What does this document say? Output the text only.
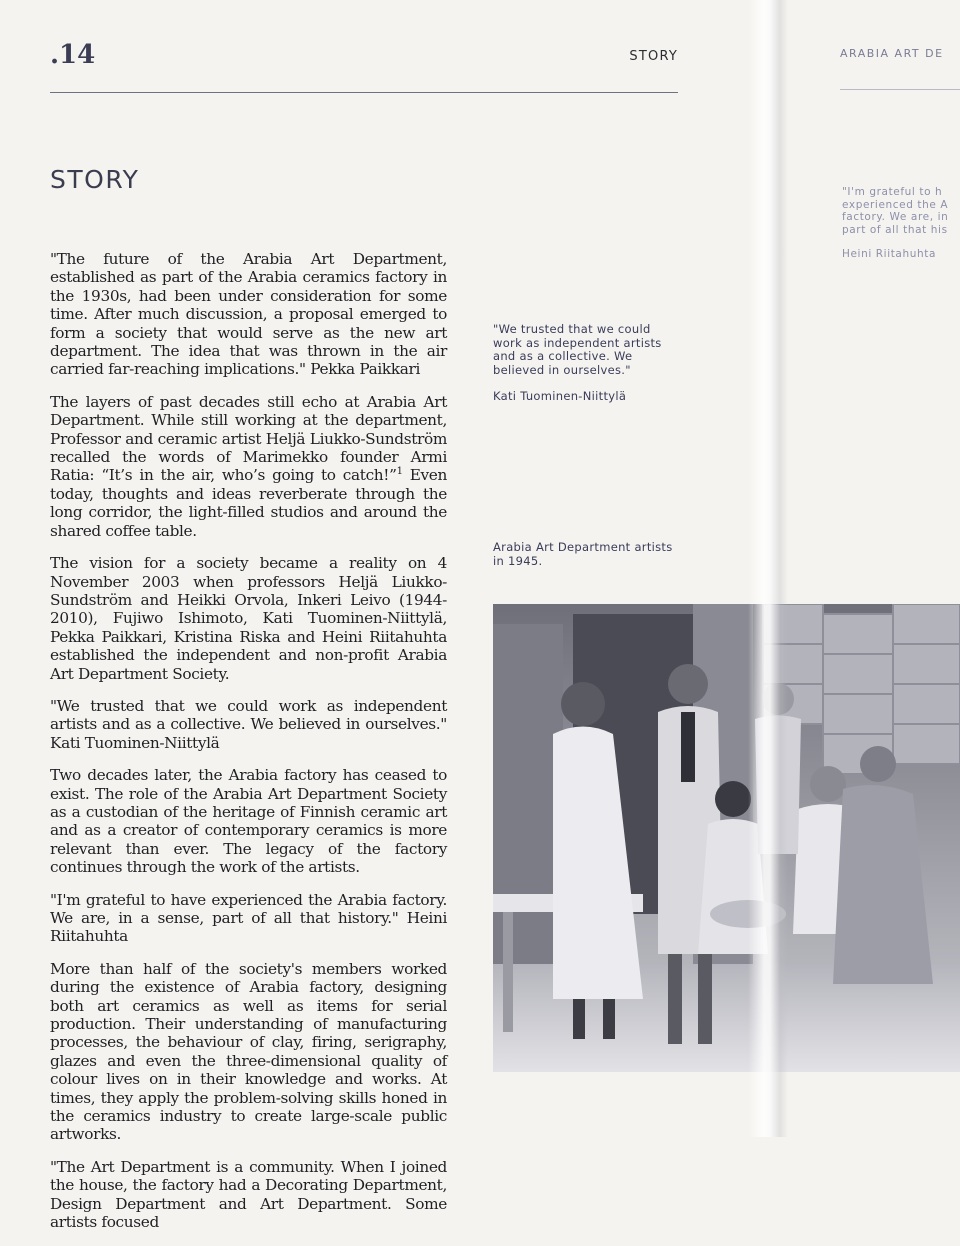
.14	STORY
STORY

"The future of the Arabia Art Department, established as part of the Arabia ceramics factory in the 1930s, had been under consideration for some time. After much discussion, a proposal emerged to form a society that would serve as the new art department. The idea that was thrown in the air carried far-reaching implications." Pekka Paikkari

The layers of past decades still echo at Arabia Art Department. While still working at the department, Professor and ceramic artist Heljä Liukko-Sundström recalled the words of Marimekko founder Armi Ratia: “It’s in the air, who’s going to catch!”$^1$ Even today, thoughts and ideas reverberate through the long corridor, the light-filled studios and around the shared coffee table.

The vision for a society became a reality on 4 November 2003 when professors Heljä Liukko-Sundström and Heikki Orvola, Inkeri Leivo (1944-2010), Fujiwo Ishimoto, Kati Tuominen-Niittylä, Pekka Paikkari, Kristina Riska and Heini Riitahuhta established the independent and non-profit Arabia Art Department Society.

"We trusted that we could work as independent artists and as a collective. We believed in ourselves." Kati Tuominen-Niittylä

Two decades later, the Arabia factory has ceased to exist. The role of the Arabia Art Department Society as a custodian of the heritage of Finnish ceramic art and as a creator of contemporary ceramics is more relevant than ever. The legacy of the factory continues through the work of the artists.

"I'm grateful to have experienced the Arabia factory. We are, in a sense, part of all that history." Heini Riitahuhta

More than half of the society's members worked during the existence of Arabia factory, designing both art ceramics as well as items for serial production. Their understanding of manufacturing processes, the behaviour of clay, firing, serigraphy, glazes and even the three-dimensional quality of colour lives on in their knowledge and works. At times, they apply the problem-solving skills honed in the ceramics industry to create large-scale public artworks.

"The Art Department is a community. When I joined the house, the factory had a Decorating Department, Design Department and Art Department. Some artists focused

"We trusted that we could work as independent artists and as a collective. We believed in ourselves."
Kati Tuominen-Niittylä
Arabia Art Department artists in 1945.
ARABIA ART DE
"I'm grateful to h
experienced the A
factory. We are, in
part of all that his
Heini Riitahuhta
